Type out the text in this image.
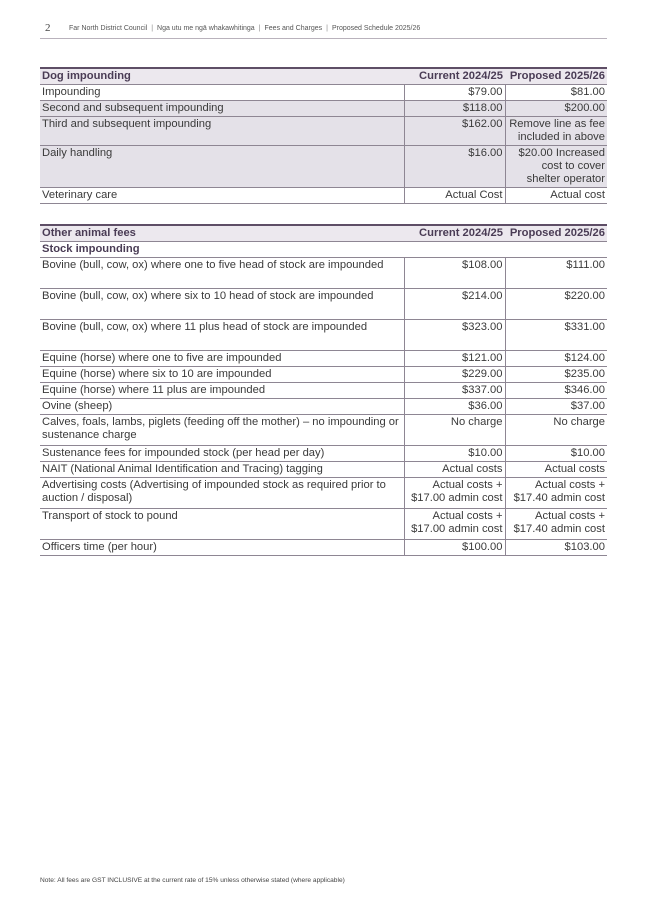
2	Far North District Council | Nga utu me ngā whakawhitinga | Fees and Charges | Proposed Schedule 2025/26
Dog impounding	Current 2024/25	Proposed 2025/26
Impounding	$79.00	$81.00
Second and subsequent impounding	$118.00	$200.00
Third and subsequent impounding	$162.00	Remove line as fee included in above
Daily handling	$16.00	$20.00 Increased cost to cover shelter operator
Veterinary care	Actual Cost	Actual cost
Other animal fees	Current 2024/25	Proposed 2025/26
Stock impounding		
Bovine (bull, cow, ox) where one to five head of stock are impounded	$108.00	$111.00
Bovine (bull, cow, ox) where six to 10 head of stock are impounded	$214.00	$220.00
Bovine (bull, cow, ox) where 11 plus head of stock are impounded	$323.00	$331.00
Equine (horse) where one to five are impounded	$121.00	$124.00
Equine (horse) where six to 10 are impounded	$229.00	$235.00
Equine (horse) where 11 plus are impounded	$337.00	$346.00
Ovine (sheep)	$36.00	$37.00
Calves, foals, lambs, piglets (feeding off the mother) – no impounding or sustenance charge	No charge	No charge
Sustenance fees for impounded stock (per head per day)	$10.00	$10.00
NAIT (National Animal Identification and Tracing) tagging	Actual costs	Actual costs
Advertising costs (Advertising of impounded stock as required prior to auction / disposal)	Actual costs + $17.00 admin cost	Actual costs + $17.40 admin cost
Transport of stock to pound	Actual costs + $17.00 admin cost	Actual costs + $17.40 admin cost
Officers time (per hour)	$100.00	$103.00
Note: All fees are GST INCLUSIVE at the current rate of 15% unless otherwise stated (where applicable)
